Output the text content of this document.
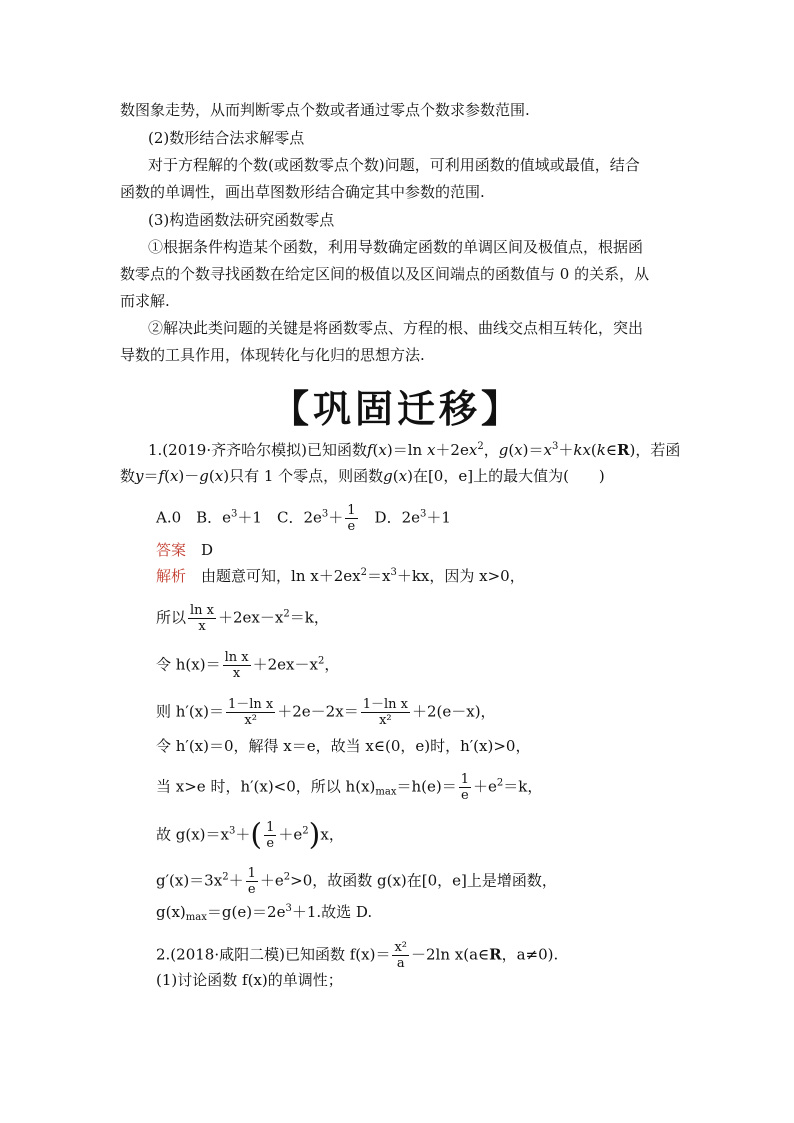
数图象走势，从而判断零点个数或者通过零点个数求参数范围.
(2)数形结合法求解零点
对于方程解的个数(或函数零点个数)问题，可利用函数的值域或最值，结合
函数的单调性，画出草图数形结合确定其中参数的范围.
(3)构造函数法研究函数零点
①根据条件构造某个函数，利用导数确定函数的单调区间及极值点，根据函
数零点的个数寻找函数在给定区间的极值以及区间端点的函数值与 0 的关系，从
而求解.
②解决此类问题的关键是将函数零点、方程的根、曲线交点相互转化，突出
导数的工具作用，体现转化与化归的思想方法.
【巩固迁移】
1.(2019·齐齐哈尔模拟)已知函数f(x)＝ln $x+2ex^2$，$g(x)=x^3+kx(k\in R)$，若函
数y＝f(x)－g(x)只有 1 个零点，则函数g(x)在[0，e]上的最大值为(　　)
A.0　B．$e^3+1$　C．$2e^3+ \frac{1}{e}$ 　D．$2e^3+1$
答案　 D
解析　 由题意可知，$\ln x+2ex^2=x^3+kx$，因为 x>0，
所以 $\frac{\text{ln x}}{x} +2ex-x^2=k$，
令 $h(x)= \frac{\text{ln x}}{x} +2ex-x^2$，
则 $h'(x)= \frac{\text{1－ln x}}{\text{x²}} +2e-2x= \frac{\text{1－ln x}}{\text{x²}} +2(e-x)$，
令 h′(x)＝0，解得 x＝e，故当 x∈(0，e)时，h′(x)>0，
当 x>e 时，h′(x)<0，所以 $h(x)_{max}=h(e)= \frac{1}{e} +e^2=k$，
故 $g(x)=x^3+( \frac{1}{e} +e^2)x$，
$g'(x)=3x^2+ \frac{1}{e} +e^2>0$，故函数 g(x)在[0，e]上是增函数，
$g(x)_{max}=g(e)=2e^3+1$.故选 D.
2.(2018·咸阳二模)已知函数 $f(x)= \frac{\text{x²}}{a} -2\ln$ x(a∈R，a≠0).
(1)讨论函数 f(x)的单调性；
